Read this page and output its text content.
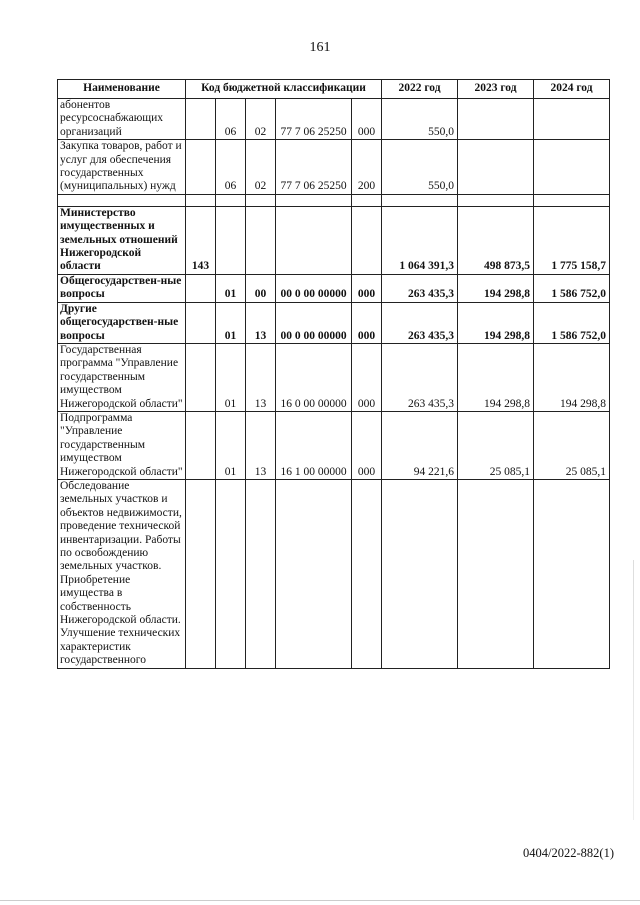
161
Наименование	Код бюджетной классификации					2022 год	2023 год	2024 год
абонентов ресурсоснабжающих организаций		06	02	77 7 06 25250	000	550,0		
Закупка товаров, работ и услуг для обеспечения государственных (муниципальных) нужд		06	02	77 7 06 25250	200	550,0		

Министерство имущественных и земельных отношений Нижегородской области	143					1 064 391,3	498 873,5	1 775 158,7
Общегосударствен-ные вопросы		01	00	00 0 00 00000	000	263 435,3	194 298,8	1 586 752,0
Другие общегосударствен-ные вопросы		01	13	00 0 00 00000	000	263 435,3	194 298,8	1 586 752,0
Государственная программа "Управление государственным имуществом Нижегородской области"		01	13	16 0 00 00000	000	263 435,3	194 298,8	194 298,8
Подпрограмма "Управление государственным имуществом Нижегородской области"		01	13	16 1 00 00000	000	94 221,6	25 085,1	25 085,1
Обследование земельных участков и объектов недвижимости, проведение технической инвентаризации. Работы по освобождению земельных участков. Приобретение имущества в собственность Нижегородской области. Улучшение технических характеристик государственного								
0404/2022-882(1)
